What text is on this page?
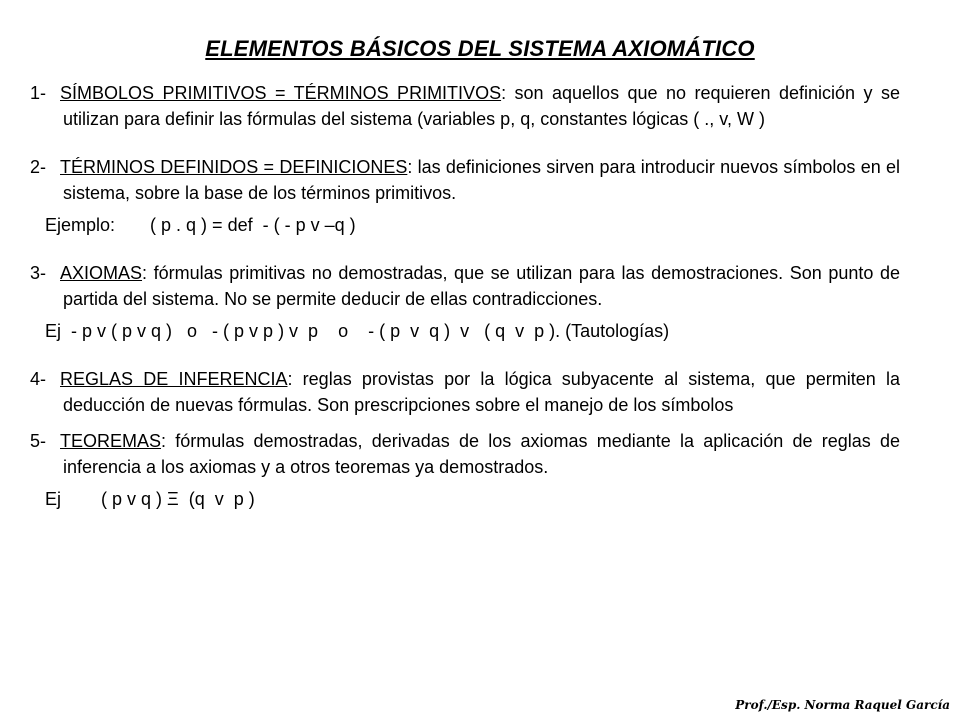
ELEMENTOS BÁSICOS DEL SISTEMA AXIOMÁTICO
1- SÍMBOLOS PRIMITIVOS = TÉRMINOS PRIMITIVOS: son aquellos que no requieren definición y se utilizan para definir las fórmulas del sistema (variables p, q, constantes lógicas ( ., v, W )
2- TÉRMINOS DEFINIDOS = DEFINICIONES: las definiciones sirven para introducir nuevos símbolos en el sistema, sobre la base de los términos primitivos.
Ejemplo:       ( p . q ) = def  - ( - p v –q )
3- AXIOMAS: fórmulas primitivas no demostradas, que se utilizan para las demostraciones. Son punto de partida del sistema. No se permite deducir de ellas contradicciones.
Ej  - p v ( p v q )   o   - ( p v p ) v  p    o    - ( p  v  q )  v   ( q  v  p ). (Tautologías)
4- REGLAS DE INFERENCIA: reglas provistas por la lógica subyacente al sistema, que permiten la deducción de nuevas fórmulas. Son prescripciones sobre el manejo de los símbolos
5- TEOREMAS: fórmulas demostradas, derivadas de los axiomas mediante la aplicación de reglas de inferencia a los axiomas y a otros teoremas ya demostrados.
Ej        ( p v q ) Ξ  (q  v  p )
Prof./Esp. Norma Raquel García
